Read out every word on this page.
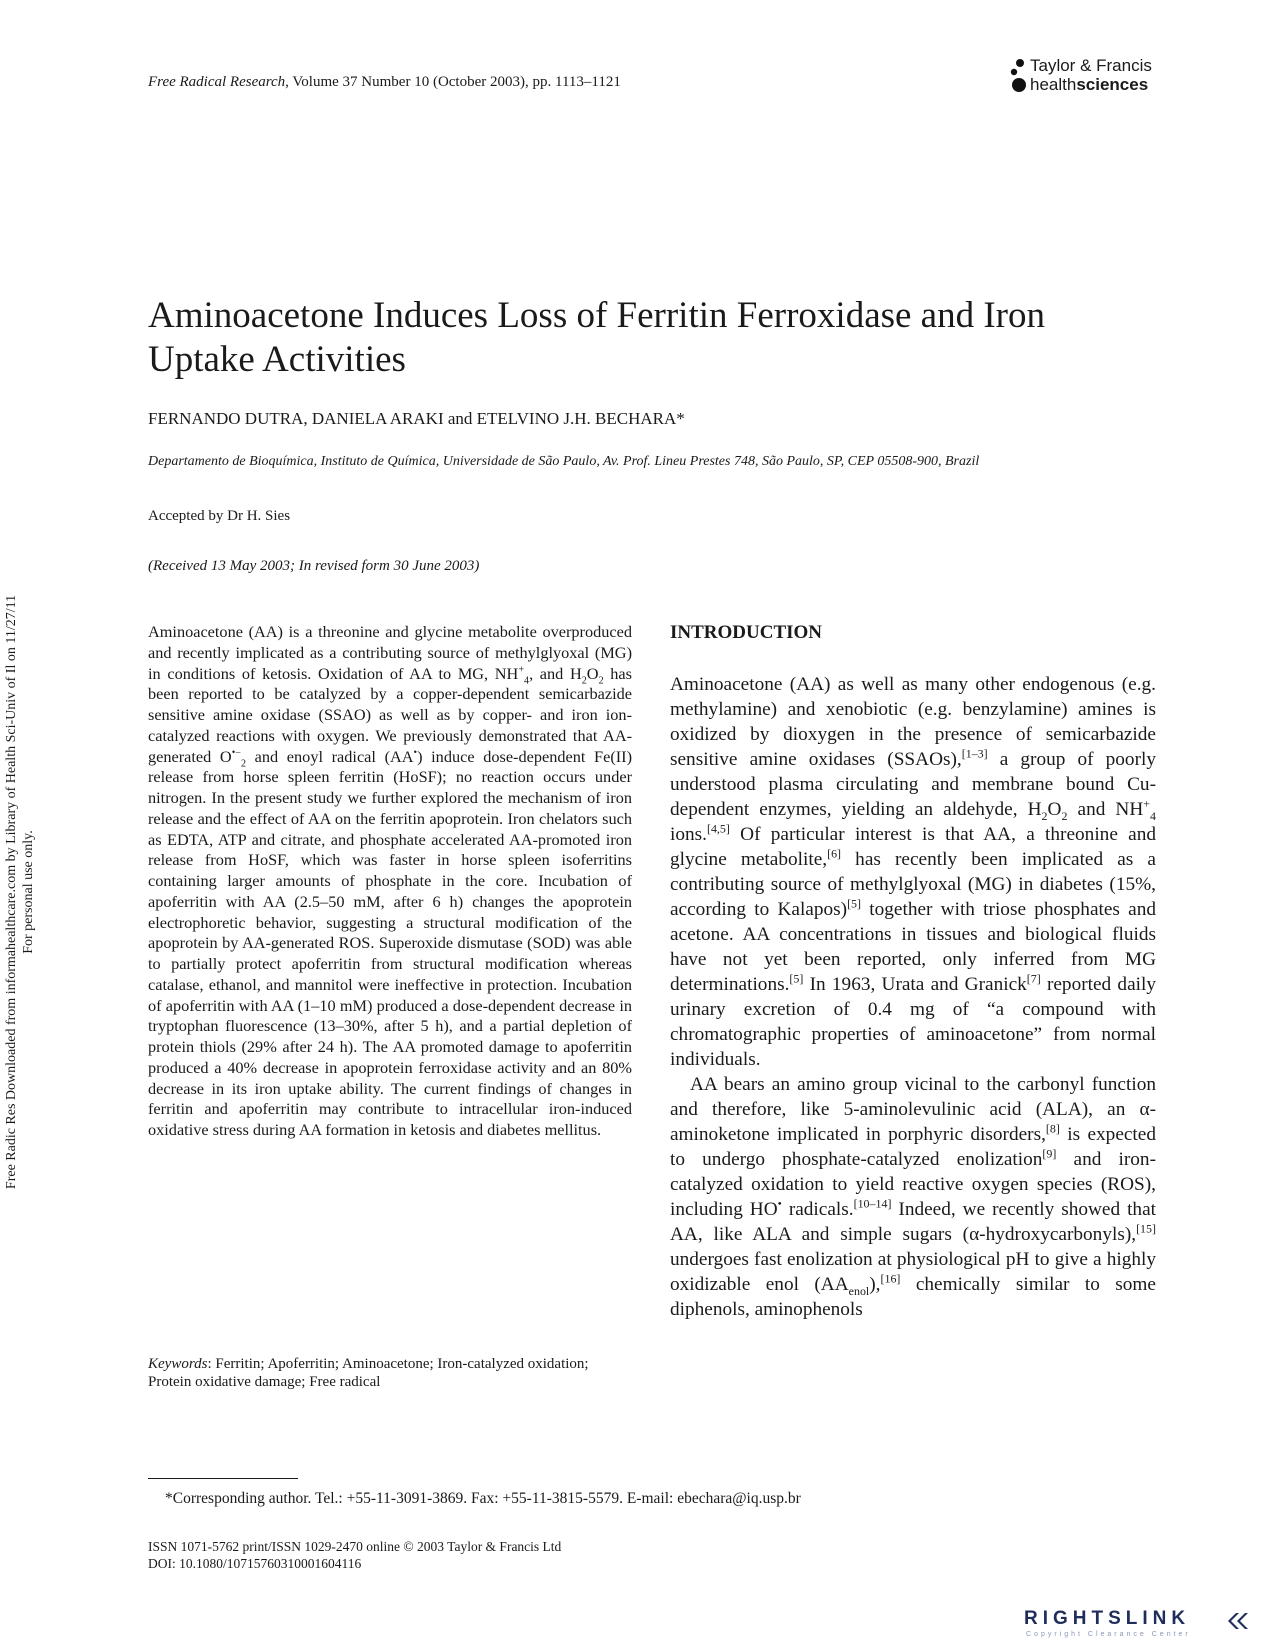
Free Radic Res Downloaded from informahealthcare.com by Library of Health Sci-Univ of Il on 11/27/11 For personal use only.
Free Radical Research, Volume 37 Number 10 (October 2003), pp. 1113–1121
Taylor & Francis
healthsciences
Aminoacetone Induces Loss of Ferritin Ferroxidase and Iron Uptake Activities
FERNANDO DUTRA, DANIELA ARAKI and ETELVINO J.H. BECHARA*
Departamento de Bioquímica, Instituto de Química, Universidade de São Paulo, Av. Prof. Lineu Prestes 748, São Paulo, SP, CEP 05508-900, Brazil
Accepted by Dr H. Sies
(Received 13 May 2003; In revised form 30 June 2003)
Aminoacetone (AA) is a threonine and glycine metabolite overproduced and recently implicated as a contributing source of methylglyoxal (MG) in conditions of ketosis. Oxidation of AA to MG, $NH^+_4$, and $H_2O_2$ has been reported to be catalyzed by a copper-dependent semicarbazide sensitive amine oxidase (SSAO) as well as by copper- and iron ion-catalyzed reactions with oxygen. We previously demonstrated that AA-generated $O^{•-}_2$ and enoyl radical (AA•) induce dose-dependent Fe(II) release from horse spleen ferritin (HoSF); no reaction occurs under nitrogen. In the present study we further explored the mechanism of iron release and the effect of AA on the ferritin apoprotein. Iron chelators such as EDTA, ATP and citrate, and phosphate accelerated AA-promoted iron release from HoSF, which was faster in horse spleen isoferritins containing larger amounts of phosphate in the core. Incubation of apoferritin with AA (2.5–50 mM, after 6 h) changes the apoprotein electrophoretic behavior, suggesting a structural modification of the apoprotein by AA-generated ROS. Superoxide dismutase (SOD) was able to partially protect apoferritin from structural modification whereas catalase, ethanol, and mannitol were ineffective in protection. Incubation of apoferritin with AA (1–10 mM) produced a dose-dependent decrease in tryptophan fluorescence (13–30%, after 5 h), and a partial depletion of protein thiols (29% after 24 h). The AA promoted damage to apoferritin produced a 40% decrease in apoprotein ferroxidase activity and an 80% decrease in its iron uptake ability. The current findings of changes in ferritin and apoferritin may contribute to intracellular iron-induced oxidative stress during AA formation in ketosis and diabetes mellitus.
Keywords: Ferritin; Apoferritin; Aminoacetone; Iron-catalyzed oxidation; Protein oxidative damage; Free radical
INTRODUCTION

Aminoacetone (AA) as well as many other endogenous (e.g. methylamine) and xenobiotic (e.g. benzylamine) amines is oxidized by dioxygen in the presence of semicarbazide sensitive amine oxidases (SSAOs),[1–3] a group of poorly understood plasma circulating and membrane bound Cu-dependent enzymes, yielding an aldehyde, $H_2O_2$ and $NH^+_4$ ions.[4,5] Of particular interest is that AA, a threonine and glycine metabolite,[6] has recently been implicated as a contributing source of methylglyoxal (MG) in diabetes (15%, according to Kalapos)[5] together with triose phosphates and acetone. AA concentrations in tissues and biological fluids have not yet been reported, only inferred from MG determinations.[5] In 1963, Urata and Granick[7] reported daily urinary excretion of 0.4 mg of “a compound with chromatographic properties of aminoacetone” from normal individuals.

AA bears an amino group vicinal to the carbonyl function and therefore, like 5-aminolevulinic acid (ALA), an α-aminoketone implicated in porphyric disorders,[8] is expected to undergo phosphate-catalyzed enolization[9] and iron-catalyzed oxidation to yield reactive oxygen species (ROS), including HO• radicals.[10–14] Indeed, we recently showed that AA, like ALA and simple sugars (α-hydroxycarbonyls),[15] undergoes fast enolization at physiological pH to give a highly oxidizable enol $(AA_{enol}),[16]$ chemically similar to some diphenols, aminophenols

*Corresponding author. Tel.: +55-11-3091-3869. Fax: +55-11-3815-5579. E-mail: ebechara@iq.usp.br
ISSN 1071-5762 print/ISSN 1029-2470 online © 2003 Taylor & Francis Ltd
DOI: 10.1080/10715760310001604116
RIGHTSLINK
Copyright Clearance Center
